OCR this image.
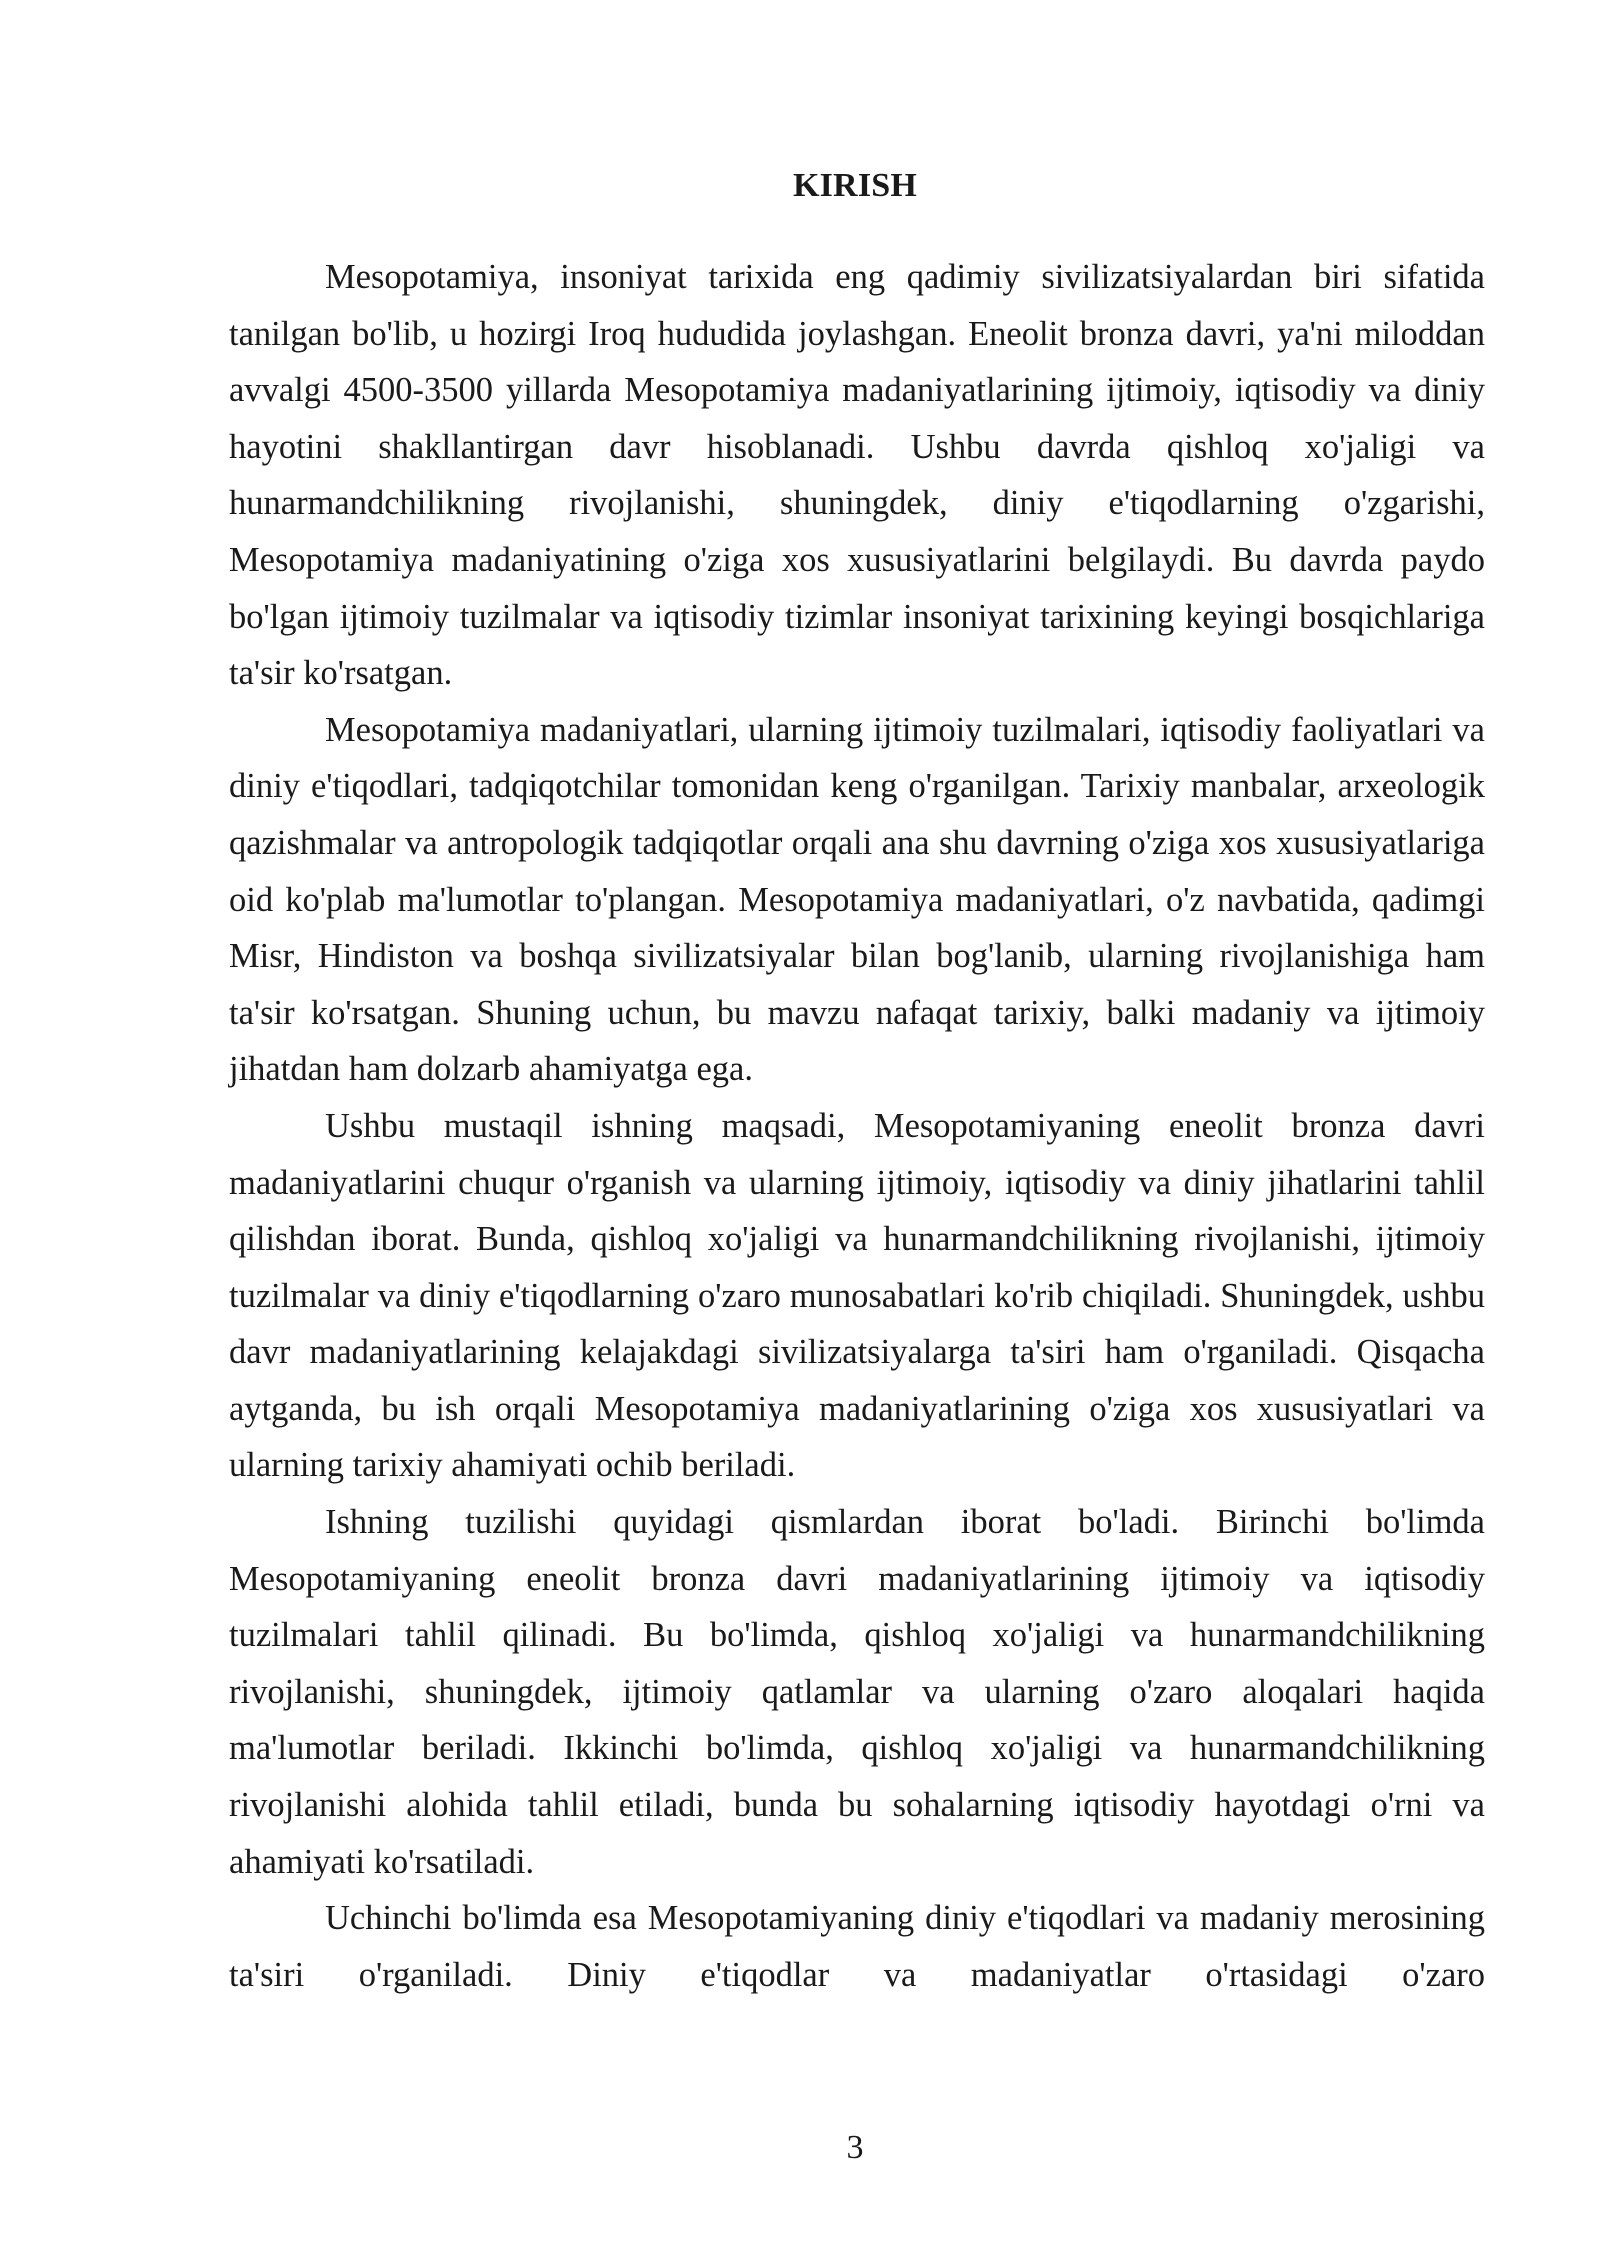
KIRISH

Mesopotamiya, insoniyat tarixida eng qadimiy sivilizatsiyalardan biri sifatida tanilgan bo'lib, u hozirgi Iroq hududida joylashgan. Eneolit bronza davri, ya'ni miloddan avvalgi 4500-3500 yillarda Mesopotamiya madaniyatlarining ijtimoiy, iqtisodiy va diniy hayotini shakllantirgan davr hisoblanadi. Ushbu davrda qishloq xo'jaligi va hunarmandchilikning rivojlanishi, shuningdek, diniy e'tiqodlarning o'zgarishi, Mesopotamiya madaniyatining o'ziga xos xususiyatlarini belgilaydi. Bu davrda paydo bo'lgan ijtimoiy tuzilmalar va iqtisodiy tizimlar insoniyat tarixining keyingi bosqichlariga ta'sir ko'rsatgan.

Mesopotamiya madaniyatlari, ularning ijtimoiy tuzilmalari, iqtisodiy faoliyatlari va diniy e'tiqodlari, tadqiqotchilar tomonidan keng o'rganilgan. Tarixiy manbalar, arxeologik qazishmalar va antropologik tadqiqotlar orqali ana shu davrning o'ziga xos xususiyatlariga oid ko'plab ma'lumotlar to'plangan. Mesopotamiya madaniyatlari, o'z navbatida, qadimgi Misr, Hindiston va boshqa sivilizatsiyalar bilan bog'lanib, ularning rivojlanishiga ham ta'sir ko'rsatgan. Shuning uchun, bu mavzu nafaqat tarixiy, balki madaniy va ijtimoiy jihatdan ham dolzarb ahamiyatga ega.

Ushbu mustaqil ishning maqsadi, Mesopotamiyaning eneolit bronza davri madaniyatlarini chuqur o'rganish va ularning ijtimoiy, iqtisodiy va diniy jihatlarini tahlil qilishdan iborat. Bunda, qishloq xo'jaligi va hunarmandchilikning rivojlanishi, ijtimoiy tuzilmalar va diniy e'tiqodlarning o'zaro munosabatlari ko'rib chiqiladi. Shuningdek, ushbu davr madaniyatlarining kelajakdagi sivilizatsiyalarga ta'siri ham o'rganiladi. Qisqacha aytganda, bu ish orqali Mesopotamiya madaniyatlarining o'ziga xos xususiyatlari va ularning tarixiy ahamiyati ochib beriladi.

Ishning tuzilishi quyidagi qismlardan iborat bo'ladi. Birinchi bo'limda Mesopotamiyaning eneolit bronza davri madaniyatlarining ijtimoiy va iqtisodiy tuzilmalari tahlil qilinadi. Bu bo'limda, qishloq xo'jaligi va hunarmandchilikning rivojlanishi, shuningdek, ijtimoiy qatlamlar va ularning o'zaro aloqalari haqida ma'lumotlar beriladi. Ikkinchi bo'limda, qishloq xo'jaligi va hunarmandchilikning rivojlanishi alohida tahlil etiladi, bunda bu sohalarning iqtisodiy hayotdagi o'rni va ahamiyati ko'rsatiladi.

Uchinchi bo'limda esa Mesopotamiyaning diniy e'tiqodlari va madaniy merosining ta'siri o'rganiladi. Diniy e'tiqodlar va madaniyatlar o'rtasidagi o'zaro

3
